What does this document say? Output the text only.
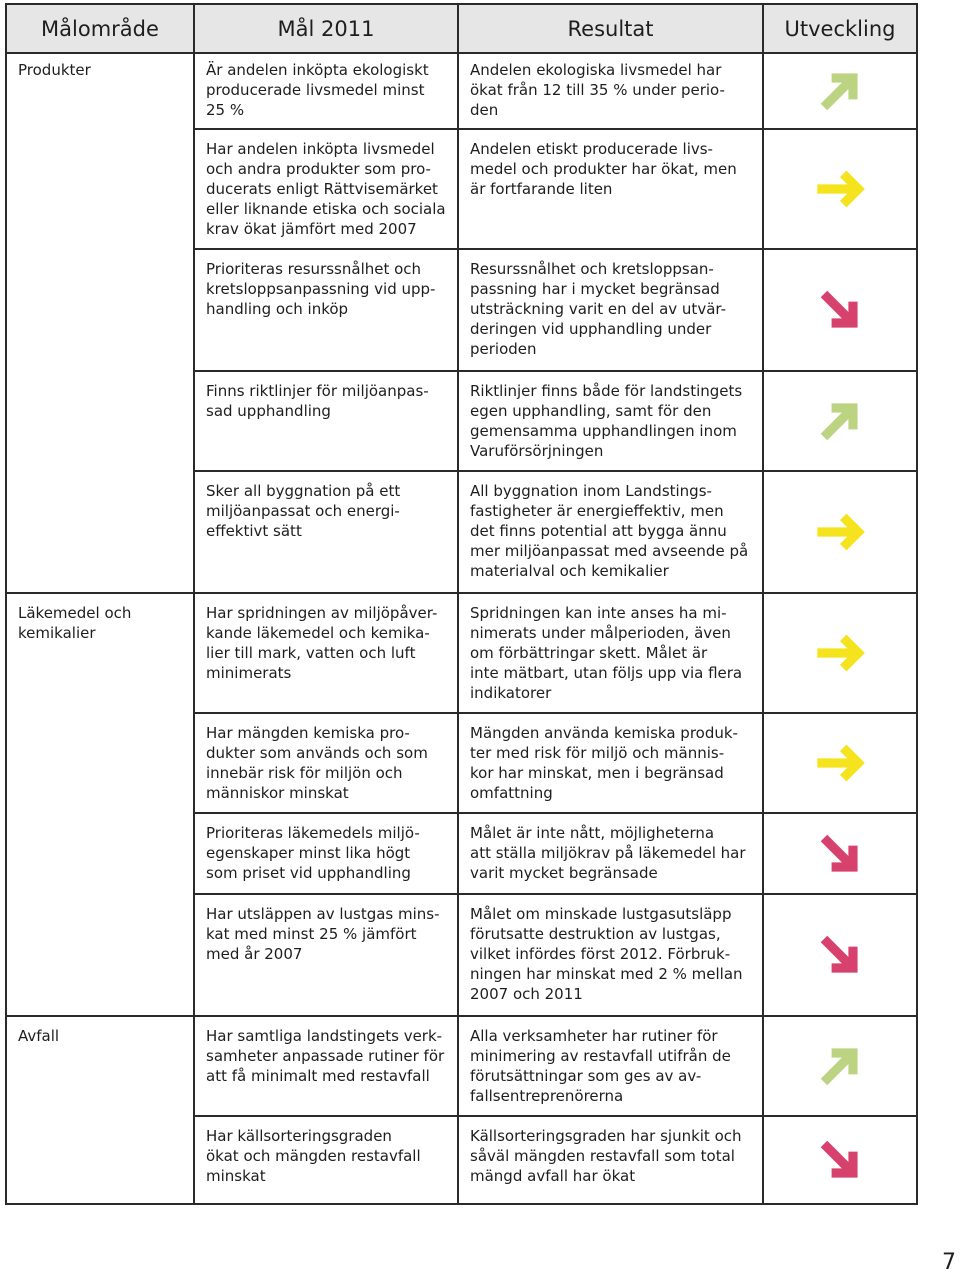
Målområde	Mål 2011	Resultat	Utveckling
Produkter	Är andelen inköpta ekologiskt
producerade livsmedel minst
25 %	Andelen ekologiska livsmedel har
ökat från 12 till 35 % under perio-
den	

	Har andelen inköpta livsmedel
och andra produkter som pro-
ducerats enligt Rättvisemärket
eller liknande etiska och sociala
krav ökat jämfört med 2007	Andelen etiskt producerade livs-
medel och produkter har ökat, men
är fortfarande liten	

	Prioriteras resurssnålhet och
kretsloppsanpassning vid upp-
handling och inköp	Resurssnålhet och kretsloppsan-
passning har i mycket begränsad
utsträckning varit en del av utvär-
deringen vid upphandling under
perioden	

	Finns riktlinjer för miljöanpas-
sad upphandling	Riktlinjer finns både för landstingets
egen upphandling, samt för den
gemensamma upphandlingen inom
Varuförsörjningen	

	Sker all byggnation på ett
miljöanpassat och energi-
effektivt sätt	All byggnation inom Landstings-
fastigheter är energieffektiv, men
det finns potential att bygga ännu
mer miljöanpassat med avseende på
materialval och kemikalier	

Läkemedel och
kemikalier	Har spridningen av miljöpåver-
kande läkemedel och kemika-
lier till mark, vatten och luft
minimerats	Spridningen kan inte anses ha mi-
nimerats under målperioden, även
om förbättringar skett. Målet är
inte mätbart, utan följs upp via flera
indikatorer	

	Har mängden kemiska pro-
dukter som används och som
innebär risk för miljön och
människor minskat	Mängden använda kemiska produk-
ter med risk för miljö och männis-
kor har minskat, men i begränsad
omfattning	

	Prioriteras läkemedels miljö-
egenskaper minst lika högt
som priset vid upphandling	Målet är inte nått, möjligheterna
att ställa miljökrav på läkemedel har
varit mycket begränsade	

	Har utsläppen av lustgas mins-
kat med minst 25 % jämfört
med år 2007	Målet om minskade lustgasutsläpp
förutsatte destruktion av lustgas,
vilket infördes först 2012. Förbruk-
ningen har minskat med 2 % mellan
2007 och 2011	

Avfall	Har samtliga landstingets verk-
samheter anpassade rutiner för
att få minimalt med restavfall	Alla verksamheter har rutiner för
minimering av restavfall utifrån de
förutsättningar som ges av av-
fallsentreprenörerna	

	Har källsorteringsgraden
ökat och mängden restavfall
minskat	Källsorteringsgraden har sjunkit och
såväl mängden restavfall som total
mängd avfall har ökat	
7
